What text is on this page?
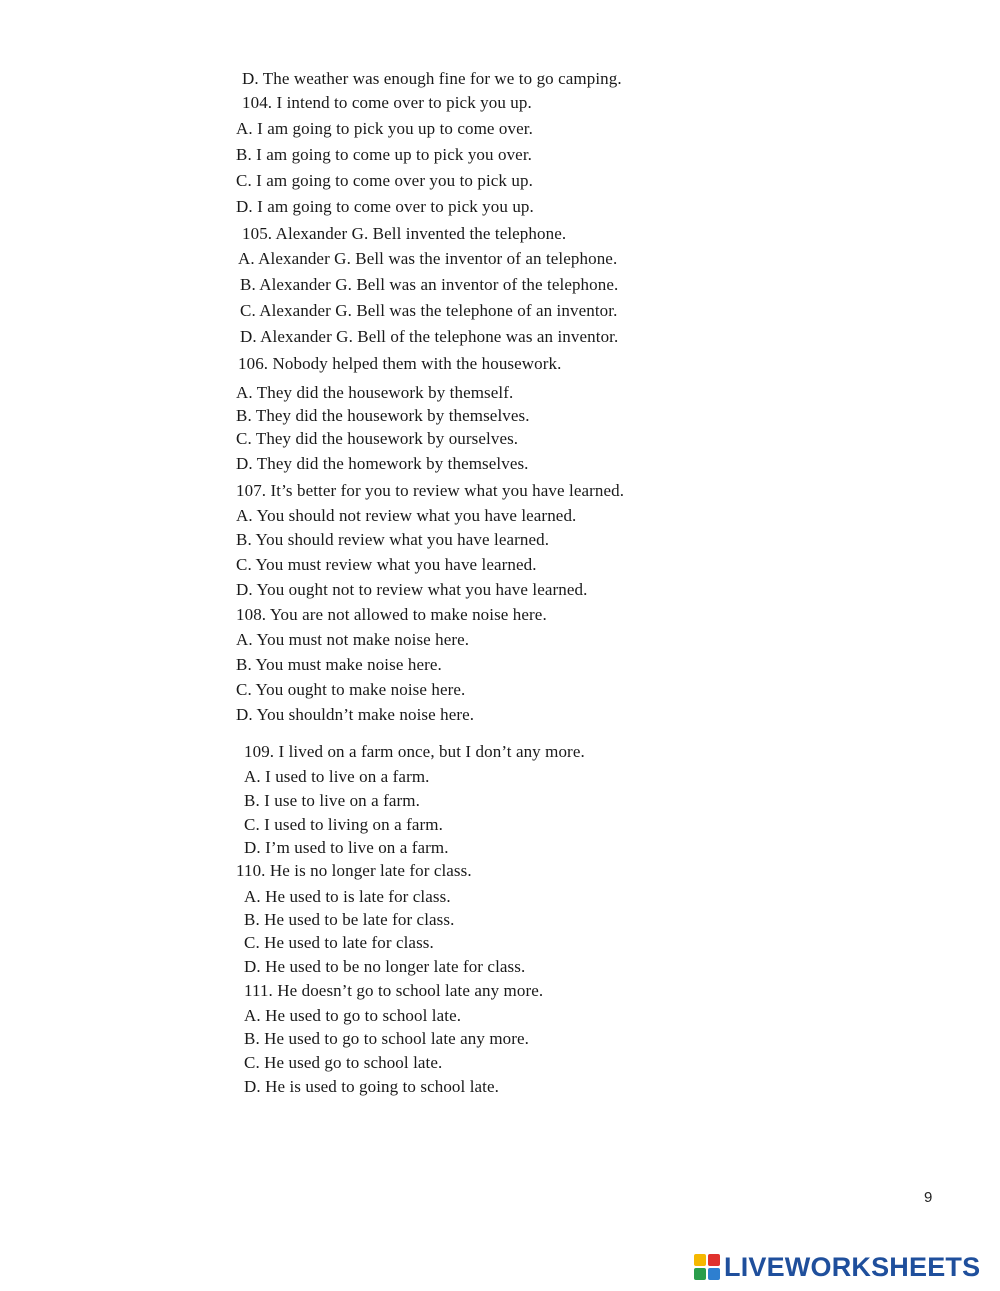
D. The weather was enough fine for we to go camping.
104. I intend to come over to pick you up.
A. I am going to pick you up to come over.
B. I am going to come up to pick you over.
C. I am going to come over you to pick up.
D. I am going to come over to pick you up.
105. Alexander G. Bell invented the telephone.
A. Alexander G. Bell was the inventor of an telephone.
B. Alexander G. Bell was an inventor of the telephone.
C. Alexander G. Bell was the telephone of an inventor.
D. Alexander G. Bell of the telephone was an inventor.
106. Nobody helped them with the housework.
A. They did the housework by themself.
B. They did the housework by themselves.
C. They did the housework by ourselves.
D. They did the homework by themselves.
107. It’s better for you to review what you have learned.
A. You should not review what you have learned.
B. You should review what you have learned.
C. You must review what you have learned.
D. You ought not to review what you have learned.
108. You are not allowed to make noise here.
A. You must not make noise here.
B. You must make noise here.
C. You ought to make noise here.
D. You shouldn’t make noise here.
109. I lived on a farm once, but I don’t any more.
A. I used to live on a farm.
B. I use to live on a farm.
C. I used to living on a farm.
D. I’m used to live on a farm.
110. He is no longer late for class.
A. He used to is late for class.
B. He used to be late for class.
C. He used to late for class.
D. He used to be no longer late for class.
111. He doesn’t go to school late any more.
A. He used to go to school late.
B. He used to go to school late any more.
C. He used go to school late.
D. He is used to going to school late.
9
LIVEWORKSHEETS
